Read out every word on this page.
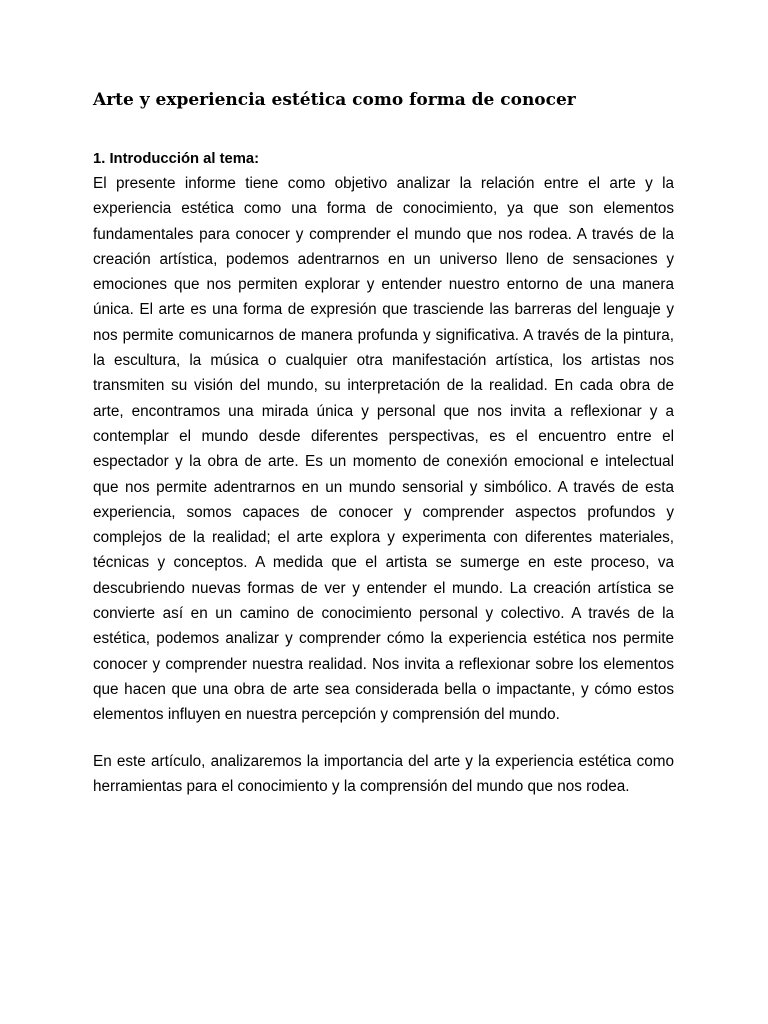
Arte y experiencia estética como forma de conocer
1. Introducción al tema:

El presente informe tiene como objetivo analizar la relación entre el arte y la experiencia estética como una forma de conocimiento, ya que son elementos fundamentales para conocer y comprender el mundo que nos rodea. A través de la creación artística, podemos adentrarnos en un universo lleno de sensaciones y emociones que nos permiten explorar y entender nuestro entorno de una manera única. El arte es una forma de expresión que trasciende las barreras del lenguaje y nos permite comunicarnos de manera profunda y significativa. A través de la pintura, la escultura, la música o cualquier otra manifestación artística, los artistas nos transmiten su visión del mundo, su interpretación de la realidad. En cada obra de arte, encontramos una mirada única y personal que nos invita a reflexionar y a contemplar el mundo desde diferentes perspectivas, es el encuentro entre el espectador y la obra de arte. Es un momento de conexión emocional e intelectual que nos permite adentrarnos en un mundo sensorial y simbólico. A través de esta experiencia, somos capaces de conocer y comprender aspectos profundos y complejos de la realidad; el arte explora y experimenta con diferentes materiales, técnicas y conceptos. A medida que el artista se sumerge en este proceso, va descubriendo nuevas formas de ver y entender el mundo. La creación artística se convierte así en un camino de conocimiento personal y colectivo. A través de la estética, podemos analizar y comprender cómo la experiencia estética nos permite conocer y comprender nuestra realidad. Nos invita a reflexionar sobre los elementos que hacen que una obra de arte sea considerada bella o impactante, y cómo estos elementos influyen en nuestra percepción y comprensión del mundo.

En este artículo, analizaremos la importancia del arte y la experiencia estética como herramientas para el conocimiento y la comprensión del mundo que nos rodea.
